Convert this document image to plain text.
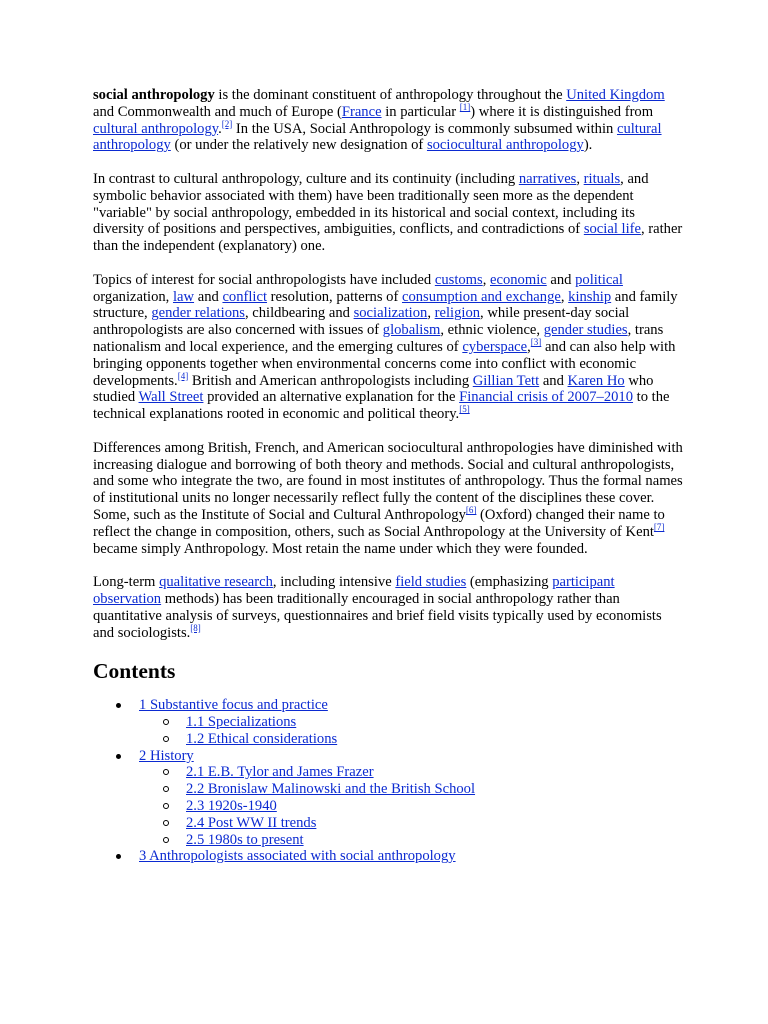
social anthropology is the dominant constituent of anthropology throughout the United Kingdom and Commonwealth and much of Europe (France in particular [1]) where it is distinguished from cultural anthropology.[2] In the USA, Social Anthropology is commonly subsumed within cultural anthropology (or under the relatively new designation of sociocultural anthropology).

In contrast to cultural anthropology, culture and its continuity (including narratives, rituals, and symbolic behavior associated with them) have been traditionally seen more as the dependent "variable" by social anthropology, embedded in its historical and social context, including its diversity of positions and perspectives, ambiguities, conflicts, and contradictions of social life, rather than the independent (explanatory) one.

Topics of interest for social anthropologists have included customs, economic and political organization, law and conflict resolution, patterns of consumption and exchange, kinship and family structure, gender relations, childbearing and socialization, religion, while present-day social anthropologists are also concerned with issues of globalism, ethnic violence, gender studies, trans nationalism and local experience, and the emerging cultures of cyberspace,[3] and can also help with bringing opponents together when environmental concerns come into conflict with economic developments.[4] British and American anthropologists including Gillian Tett and Karen Ho who studied Wall Street provided an alternative explanation for the Financial crisis of 2007–2010 to the technical explanations rooted in economic and political theory.[5]

Differences among British, French, and American sociocultural anthropologies have diminished with increasing dialogue and borrowing of both theory and methods. Social and cultural anthropologists, and some who integrate the two, are found in most institutes of anthropology. Thus the formal names of institutional units no longer necessarily reflect fully the content of the disciplines these cover. Some, such as the Institute of Social and Cultural Anthropology[6] (Oxford) changed their name to reflect the change in composition, others, such as Social Anthropology at the University of Kent[7] became simply Anthropology. Most retain the name under which they were founded.

Long-term qualitative research, including intensive field studies (emphasizing participant observation methods) has been traditionally encouraged in social anthropology rather than quantitative analysis of surveys, questionnaires and brief field visits typically used by economists and sociologists.[8]

Contents
1 Substantive focus and practice
1.1 Specializations
1.2 Ethical considerations
2 History
2.1 E.B. Tylor and James Frazer
2.2 Bronislaw Malinowski and the British School
2.3 1920s-1940
2.4 Post WW II trends
2.5 1980s to present
3 Anthropologists associated with social anthropology
